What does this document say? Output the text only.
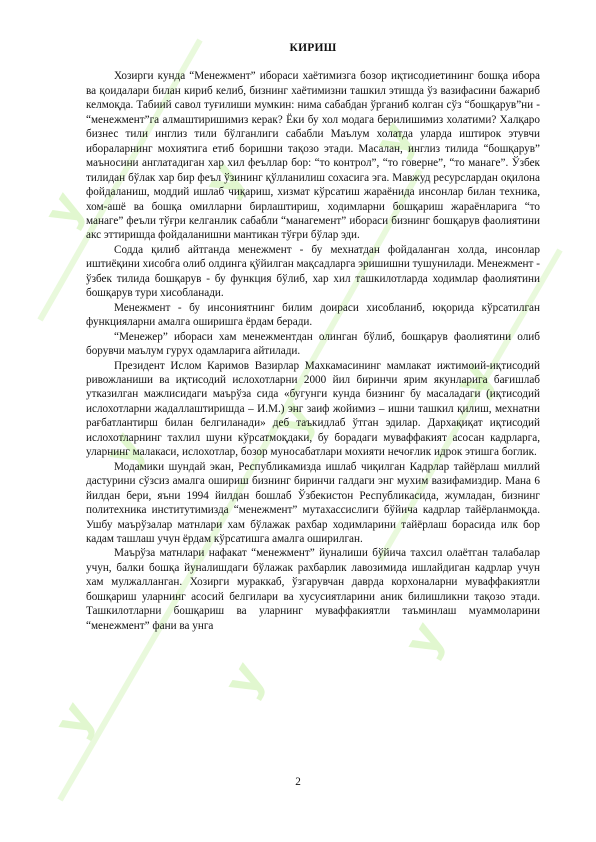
y
y
y
y
y
y
y
y
y
КИРИШ

Хозирги кунда “Менежмент” ибораси хаётимизга бозор иқтисодиетининг бошқа ибора ва қоидалари билан кириб келиб, бизнинг хаётимизни ташкил этишда ўз вазифасини бажариб келмоқда. Табиий савол туғилиши мумкин: нима сабабдан ўрганиб колган сўз “бошқарув”ни - “менежмент”га алмаштиришимиз керак? Ёки бу хол модага берилишимиз холатими? Халқаро бизнес тили инглиз тили бўлганлиги сабабли Маълум холатда уларда иштирок этувчи ибораларнинг мохиятига етиб боришни тақозо этади. Масалан, инглиз тилида “бошқарув” маъносини англатадиган хар хил феъллар бор: “то контрол”, “то говерне”, “то манаге”. Ўзбек тилидан бўлак хар бир феъл ўзининг қўлланилиш сохасига эга. Мавжуд ресурслардан оқилона фойдаланиш, моддий ишлаб чиқариш, хизмат кўрсатиш жараёнида инсонлар билан техника, хом-ашё ва бошқа омилларни бирлаштириш, ходимларни бошқариш жараёнларига “то манаге” феъли тўғри келганлик сабабли “манагемент” ибораси бизнинг бошқарув фаолиятини акс эттиришда фойдаланишни мантикан тўғри бўлар эди.

Содда қилиб айтганда менежмент - бу мехнатдан фойдаланган холда, инсонлар иштиёқини хисобга олиб олдинга қўйилган мақсадларга эришишни тушунилади. Менежмент - ўзбек тилида бошқарув - бу функция бўлиб, хар хил ташкилотларда ходимлар фаолиятини бошқарув тури хисобланади.

Менежмент - бу инсониятнинг билим доираси хисобланиб, юқорида кўрсатилган функцияларни амалга оширишга ёрдам беради.

“Менежер” ибораси хам менежментдан олинган бўлиб, бошқарув фаолиятини олиб борувчи маълум гурух одамларига айтилади.

Президент Ислом Каримов Вазирлар Махкамасининг мамлакат ижтимоий-иқтисодий ривожланиши ва иқтисодий ислохотларни 2000 йил биринчи ярим якунларига бағишлаб утказилган мажлисидаги маърўза сида «бугунги кунда бизнинг бу масаладаги (иқтисодий ислохотларни жадаллаштиришда – И.М.) энг заиф жойимиз – ишни ташкил қилиш, мехнатни рағбатлантирш билан белгиланади» деб таъкидлаб ўтган эдилар. Дархақиқат иқтисодий ислохотларнинг тахлил шуни кўрсатмоқдаки, бу борадаги муваффакият асосан кадрларга, уларнинг малакаси, ислохотлар, бозор муносабатлари мохияти нечоғлик идрок этишга боглик.

Модамики шундай экан, Республикамизда ишлаб чиқилган Кадрлар тайёрлаш миллий дастурини сўзсиз амалга ошириш бизнинг биринчи галдаги энг мухим вазифамиздир. Мана 6 йилдан бери, яъни 1994 йилдан бошлаб Ўзбекистон Республикасида, жумладан, бизнинг политехника институтимизда “менежмент” мутахассислиги бўйича кадрлар тайёрланмоқда. Ушбу маърўзалар матнлари хам бўлажак рахбар ходимларини тайёрлаш борасида илк бор кадам ташлаш учун ёрдам кўрсатишга амалга оширилган.

Маърўза матнлари нафакат “менежмент” йуналиши бўйича тахсил олаётган талабалар учун, балки бошқа йуналишдаги бўлажак рахбарлик лавозимида ишлайдиган кадрлар учун хам мулжалланган. Хозирги мураккаб, ўзгарувчан даврда корхоналарни муваффакиятли бошқариш уларнинг асосий белгилари ва хусусиятларини аник билишликни тақозо этади. Ташкилотларни бошқариш ва уларнинг муваффакиятли таъминлаш муаммоларини “менежмент” фани ва унга

2
